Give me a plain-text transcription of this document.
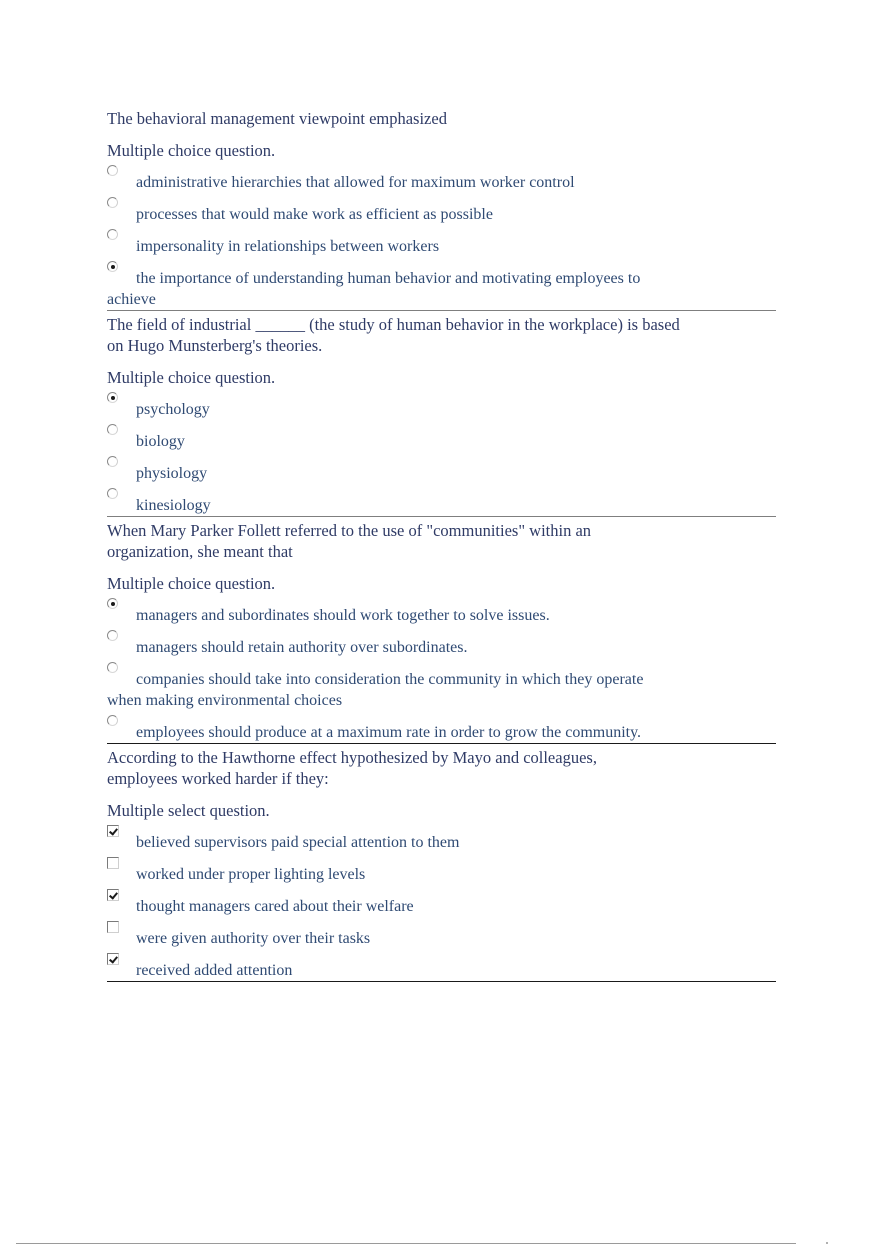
The behavioral management viewpoint emphasized

Multiple choice question.

administrative hierarchies that allowed for maximum worker control
processes that would make work as efficient as possible
impersonality in relationships between workers
the importance of understanding human behavior and motivating employees to
achieve

The field of industrial ______ (the study of human behavior in the workplace) is based on Hugo Munsterberg's theories.

Multiple choice question.

psychology
biology
physiology
kinesiology

When Mary Parker Follett referred to the use of "communities" within an organization, she meant that

Multiple choice question.

managers and subordinates should work together to solve issues.
managers should retain authority over subordinates.
companies should take into consideration the community in which they operate
when making environmental choices
employees should produce at a maximum rate in order to grow the community.

According to the Hawthorne effect hypothesized by Mayo and colleagues, employees worked harder if they:

Multiple select question.

believed supervisors paid special attention to them
worked under proper lighting levels
thought managers cared about their welfare
were given authority over their tasks
received added attention
